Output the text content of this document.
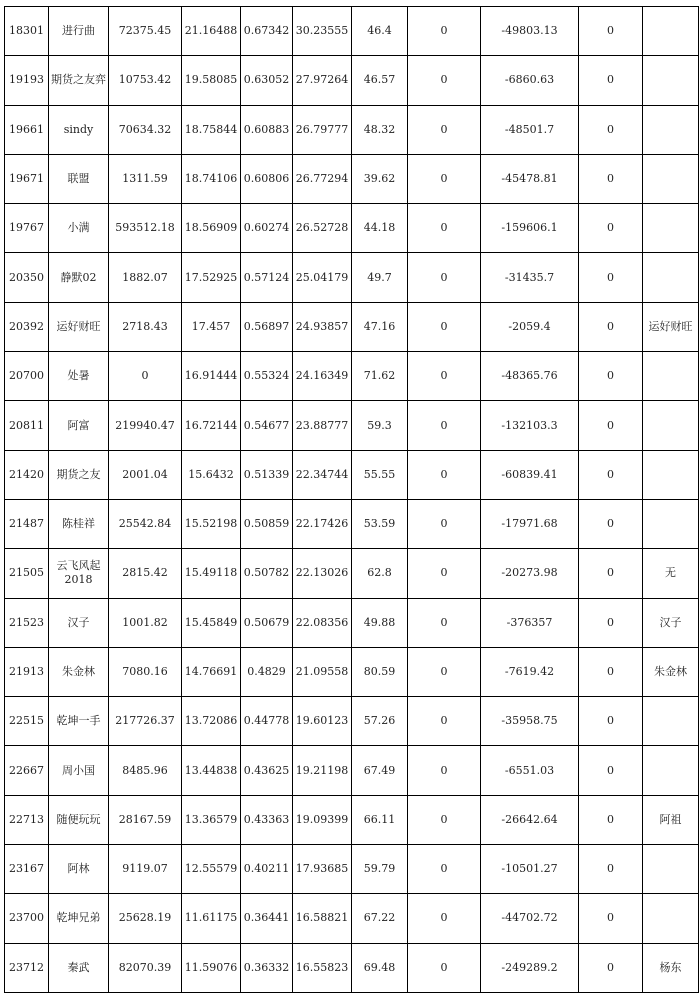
18301	进行曲	72375.45	21.16488	0.67342	30.23555	46.4	0	-49803.13	0	
19193	期货之友弈	10753.42	19.58085	0.63052	27.97264	46.57	0	-6860.63	0	
19661	sindy	70634.32	18.75844	0.60883	26.79777	48.32	0	-48501.7	0	
19671	联盟	1311.59	18.74106	0.60806	26.77294	39.62	0	-45478.81	0	
19767	小满	593512.18	18.56909	0.60274	26.52728	44.18	0	-159606.1	0	
20350	静默02	1882.07	17.52925	0.57124	25.04179	49.7	0	-31435.7	0	
20392	运好财旺	2718.43	17.457	0.56897	24.93857	47.16	0	-2059.4	0	运好财旺
20700	处暑	0	16.91444	0.55324	24.16349	71.62	0	-48365.76	0	
20811	阿富	219940.47	16.72144	0.54677	23.88777	59.3	0	-132103.3	0	
21420	期货之友	2001.04	15.6432	0.51339	22.34744	55.55	0	-60839.41	0	
21487	陈桂祥	25542.84	15.52198	0.50859	22.17426	53.59	0	-17971.68	0	
21505	云飞风起2018	2815.42	15.49118	0.50782	22.13026	62.8	0	-20273.98	0	无
21523	汉子	1001.82	15.45849	0.50679	22.08356	49.88	0	-376357	0	汉子
21913	朱金林	7080.16	14.76691	0.4829	21.09558	80.59	0	-7619.42	0	朱金林
22515	乾坤一手	217726.37	13.72086	0.44778	19.60123	57.26	0	-35958.75	0	
22667	周小国	8485.96	13.44838	0.43625	19.21198	67.49	0	-6551.03	0	
22713	随便玩玩	28167.59	13.36579	0.43363	19.09399	66.11	0	-26642.64	0	阿祖
23167	阿林	9119.07	12.55579	0.40211	17.93685	59.79	0	-10501.27	0	
23700	乾坤兄弟	25628.19	11.61175	0.36441	16.58821	67.22	0	-44702.72	0	
23712	秦武	82070.39	11.59076	0.36332	16.55823	69.48	0	-249289.2	0	杨东
